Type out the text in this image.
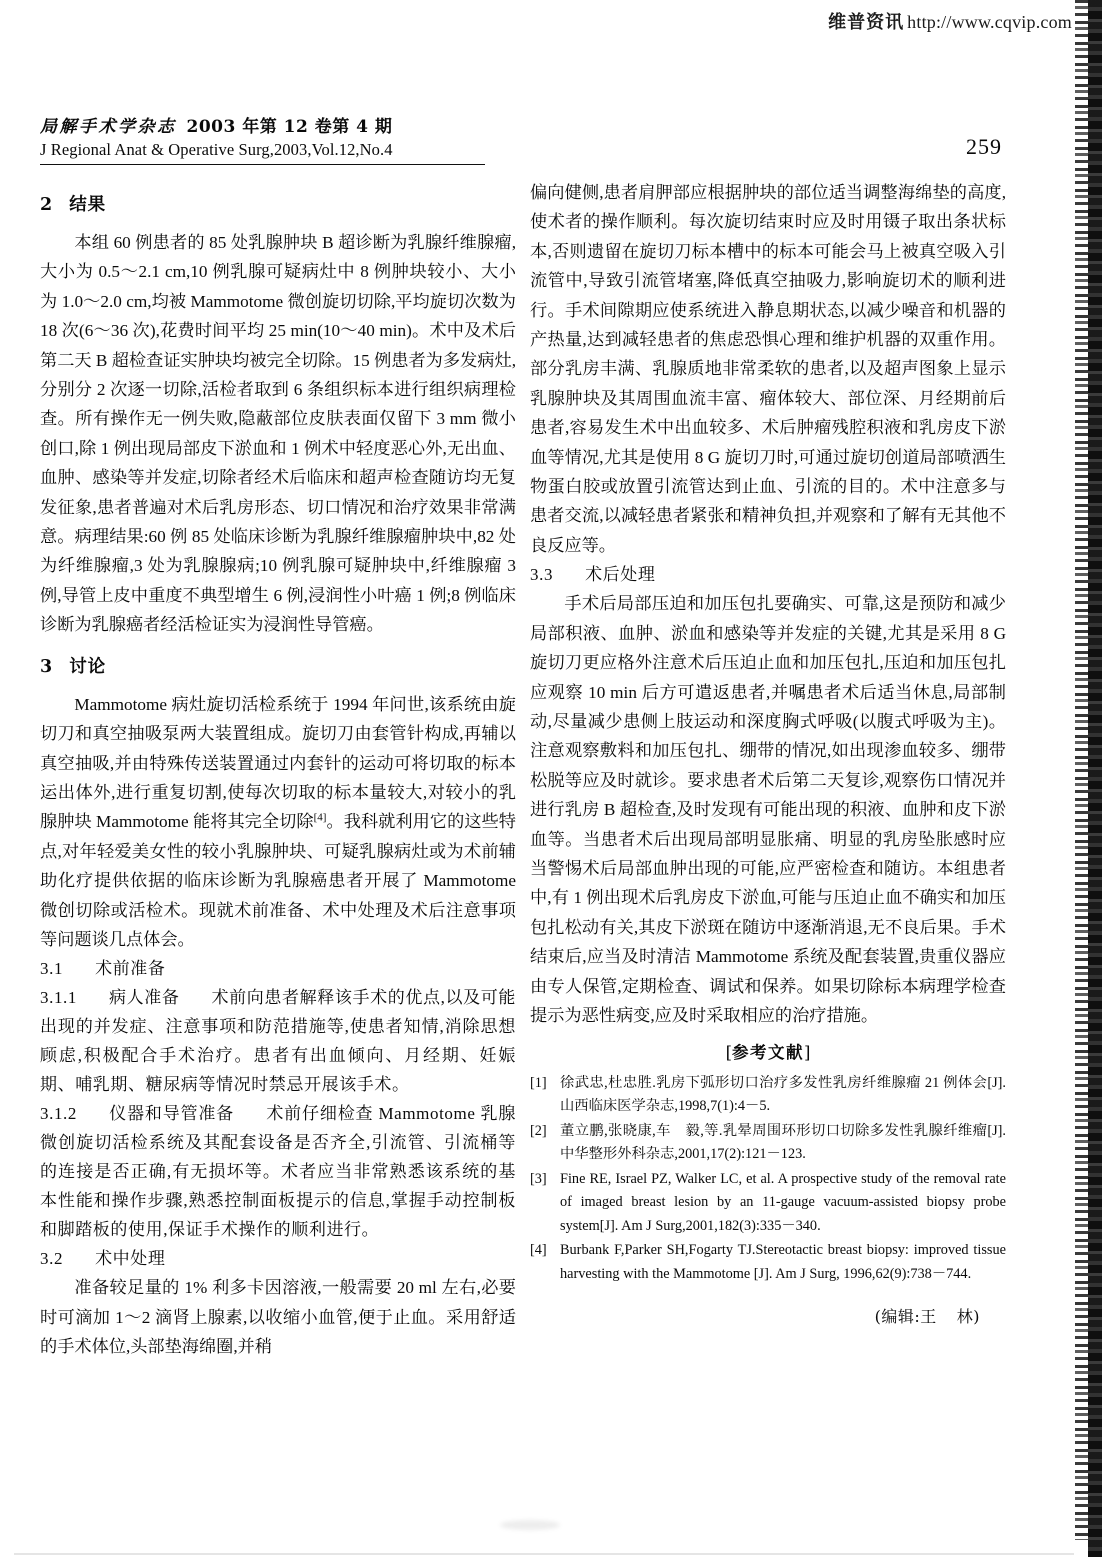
维普资讯 http://www.cqvip.com
局解手术学杂志 2003 年第 12 卷第 4 期
J Regional Anat & Operative Surg,2003,Vol.12,No.4	259
2 结果

本组 60 例患者的 85 处乳腺肿块 B 超诊断为乳腺纤维腺瘤,大小为 0.5～2.1 cm,10 例乳腺可疑病灶中 8 例肿块较小、大小为 1.0～2.0 cm,均被 Mammotome 微创旋切切除,平均旋切次数为 18 次(6～36 次),花费时间平均 25 min(10～40 min)。术中及术后第二天 B 超检查证实肿块均被完全切除。15 例患者为多发病灶,分别分 2 次逐一切除,活检者取到 6 条组织标本进行组织病理检查。所有操作无一例失败,隐蔽部位皮肤表面仅留下 3 mm 微小创口,除 1 例出现局部皮下淤血和 1 例术中轻度恶心外,无出血、血肿、感染等并发症,切除者经术后临床和超声检查随访均无复发征象,患者普遍对术后乳房形态、切口情况和治疗效果非常满意。病理结果:60 例 85 处临床诊断为乳腺纤维腺瘤肿块中,82 处为纤维腺瘤,3 处为乳腺腺病;10 例乳腺可疑肿块中,纤维腺瘤 3 例,导管上皮中重度不典型增生 6 例,浸润性小叶癌 1 例;8 例临床诊断为乳腺癌者经活检证实为浸润性导管癌。

3 讨论

Mammotome 病灶旋切活检系统于 1994 年问世,该系统由旋切刀和真空抽吸泵两大装置组成。旋切刀由套管针构成,再辅以真空抽吸,并由特殊传送装置通过内套针的运动可将切取的标本运出体外,进行重复切割,使每次切取的标本量较大,对较小的乳腺肿块 Mammotome 能将其完全切除[4]。我科就利用它的这些特点,对年轻爱美女性的较小乳腺肿块、可疑乳腺病灶或为术前辅助化疗提供依据的临床诊断为乳腺癌患者开展了 Mammotome 微创切除或活检术。现就术前准备、术中处理及术后注意事项等问题谈几点体会。

3.1 术前准备

3.1.1 病人准备 术前向患者解释该手术的优点,以及可能出现的并发症、注意事项和防范措施等,使患者知情,消除思想顾虑,积极配合手术治疗。患者有出血倾向、月经期、妊娠期、哺乳期、糖尿病等情况时禁忌开展该手术。

3.1.2 仪器和导管准备 术前仔细检查 Mammotome 乳腺微创旋切活检系统及其配套设备是否齐全,引流管、引流桶等的连接是否正确,有无损坏等。术者应当非常熟悉该系统的基本性能和操作步骤,熟悉控制面板提示的信息,掌握手动控制板和脚踏板的使用,保证手术操作的顺利进行。

3.2 术中处理

准备较足量的 1% 利多卡因溶液,一般需要 20 ml 左右,必要时可滴加 1～2 滴肾上腺素,以收缩小血管,便于止血。采用舒适的手术体位,头部垫海绵圈,并稍

偏向健侧,患者肩胛部应根据肿块的部位适当调整海绵垫的高度,使术者的操作顺利。每次旋切结束时应及时用镊子取出条状标本,否则遗留在旋切刀标本槽中的标本可能会马上被真空吸入引流管中,导致引流管堵塞,降低真空抽吸力,影响旋切术的顺利进行。手术间隙期应使系统进入静息期状态,以减少噪音和机器的产热量,达到减轻患者的焦虑恐惧心理和维护机器的双重作用。部分乳房丰满、乳腺质地非常柔软的患者,以及超声图象上显示乳腺肿块及其周围血流丰富、瘤体较大、部位深、月经期前后患者,容易发生术中出血较多、术后肿瘤残腔积液和乳房皮下淤血等情况,尤其是使用 8 G 旋切刀时,可通过旋切创道局部喷洒生物蛋白胶或放置引流管达到止血、引流的目的。术中注意多与患者交流,以减轻患者紧张和精神负担,并观察和了解有无其他不良反应等。

3.3 术后处理

手术后局部压迫和加压包扎要确实、可靠,这是预防和减少局部积液、血肿、淤血和感染等并发症的关键,尤其是采用 8 G 旋切刀更应格外注意术后压迫止血和加压包扎,压迫和加压包扎应观察 10 min 后方可遣返患者,并嘱患者术后适当休息,局部制动,尽量减少患侧上肢运动和深度胸式呼吸(以腹式呼吸为主)。注意观察敷料和加压包扎、绷带的情况,如出现渗血较多、绷带松脱等应及时就诊。要求患者术后第二天复诊,观察伤口情况并进行乳房 B 超检查,及时发现有可能出现的积液、血肿和皮下淤血等。当患者术后出现局部明显胀痛、明显的乳房坠胀感时应当警惕术后局部血肿出现的可能,应严密检查和随访。本组患者中,有 1 例出现术后乳房皮下淤血,可能与压迫止血不确实和加压包扎松动有关,其皮下淤斑在随访中逐渐消退,无不良后果。手术结束后,应当及时清洁 Mammotome 系统及配套装置,贵重仪器应由专人保管,定期检查、调试和保养。如果切除标本病理学检查提示为恶性病变,应及时采取相应的治疗措施。

[参考文献]
[1] 徐武忠,杜忠胜.乳房下弧形切口治疗多发性乳房纤维腺瘤 21 例体会[J].山西临床医学杂志,1998,7(1):4－5.
[2] 董立鹏,张晓康,车　毅,等.乳晕周围环形切口切除多发性乳腺纤维瘤[J].中华整形外科杂志,2001,17(2):121－123.
[3] Fine RE, Israel PZ, Walker LC, et al. A prospective study of the removal rate of imaged breast lesion by an 11-gauge vacuum-assisted biopsy probe system[J]. Am J Surg,2001,182(3):335－340.
[4] Burbank F,Parker SH,Fogarty TJ.Stereotactic breast biopsy: improved tissue harvesting with the Mammotome [J]. Am J Surg, 1996,62(9):738－744.
(编辑:王 林)
